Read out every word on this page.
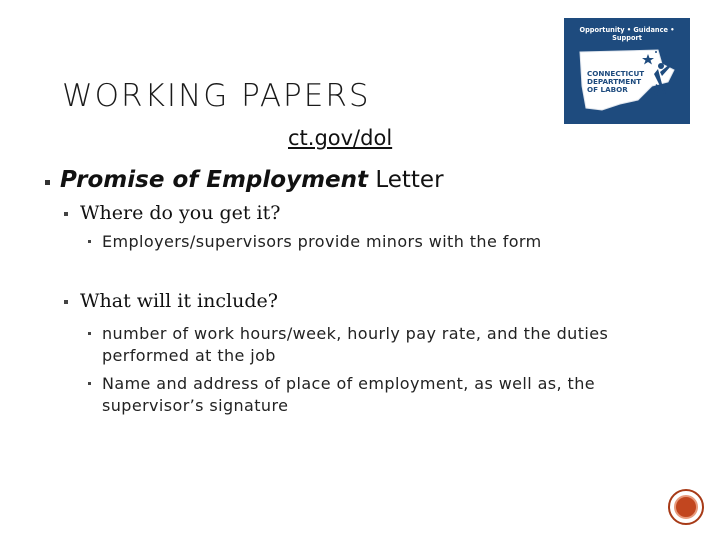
WORKING PAPERS
ct.gov/dol
Opportunity • Guidance • Support
CONNECTICUT
DEPARTMENT
OF LABOR
Promise of Employment Letter
Where do you get it?
Employers/supervisors provide minors with the form
What will it include?
number of work hours/week, hourly pay rate, and the duties
performed at the job
Name and address of place of employment, as well as, the
supervisor’s signature
